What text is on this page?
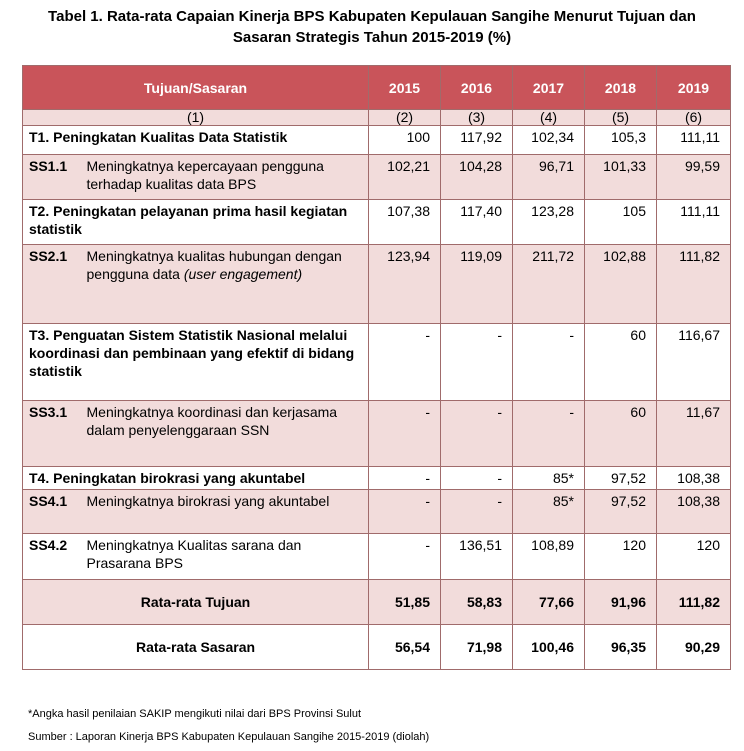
Tabel 1. Rata-rata Capaian Kinerja BPS Kabupaten Kepulauan Sangihe Menurut Tujuan dan
Sasaran Strategis Tahun 2015-2019 (%)
Tujuan/Sasaran		2015	2016	2017	2018	2019
(1)		(2)	(3)	(4)	(5)	(6)
T1. Peningkatan Kualitas Data Statistik		100	117,92	102,34	105,3	111,11
SS1.1	Meningkatnya kepercayaan pengguna terhadap kualitas data BPS	102,21	104,28	96,71	101,33	99,59
T2. Peningkatan pelayanan prima hasil kegiatan statistik		107,38	117,40	123,28	105	111,11
SS2.1	Meningkatnya kualitas hubungan dengan pengguna data (user engagement)	123,94	119,09	211,72	102,88	111,82
T3. Penguatan Sistem Statistik Nasional melalui koordinasi dan pembinaan yang efektif di bidang statistik		-	-	-	60	116,67
SS3.1	Meningkatnya koordinasi dan kerjasama dalam penyelenggaraan SSN	-	-	-	60	11,67
T4. Peningkatan birokrasi yang akuntabel		-	-	85*	97,52	108,38
SS4.1	Meningkatnya birokrasi yang akuntabel	-	-	85*	97,52	108,38
SS4.2	Meningkatnya Kualitas sarana dan Prasarana BPS	-	136,51	108,89	120	120
Rata-rata Tujuan		51,85	58,83	77,66	91,96	111,82
Rata-rata Sasaran		56,54	71,98	100,46	96,35	90,29
*Angka hasil penilaian SAKIP mengikuti nilai dari BPS Provinsi Sulut
Sumber : Laporan Kinerja BPS Kabupaten Kepulauan Sangihe 2015-2019 (diolah)
